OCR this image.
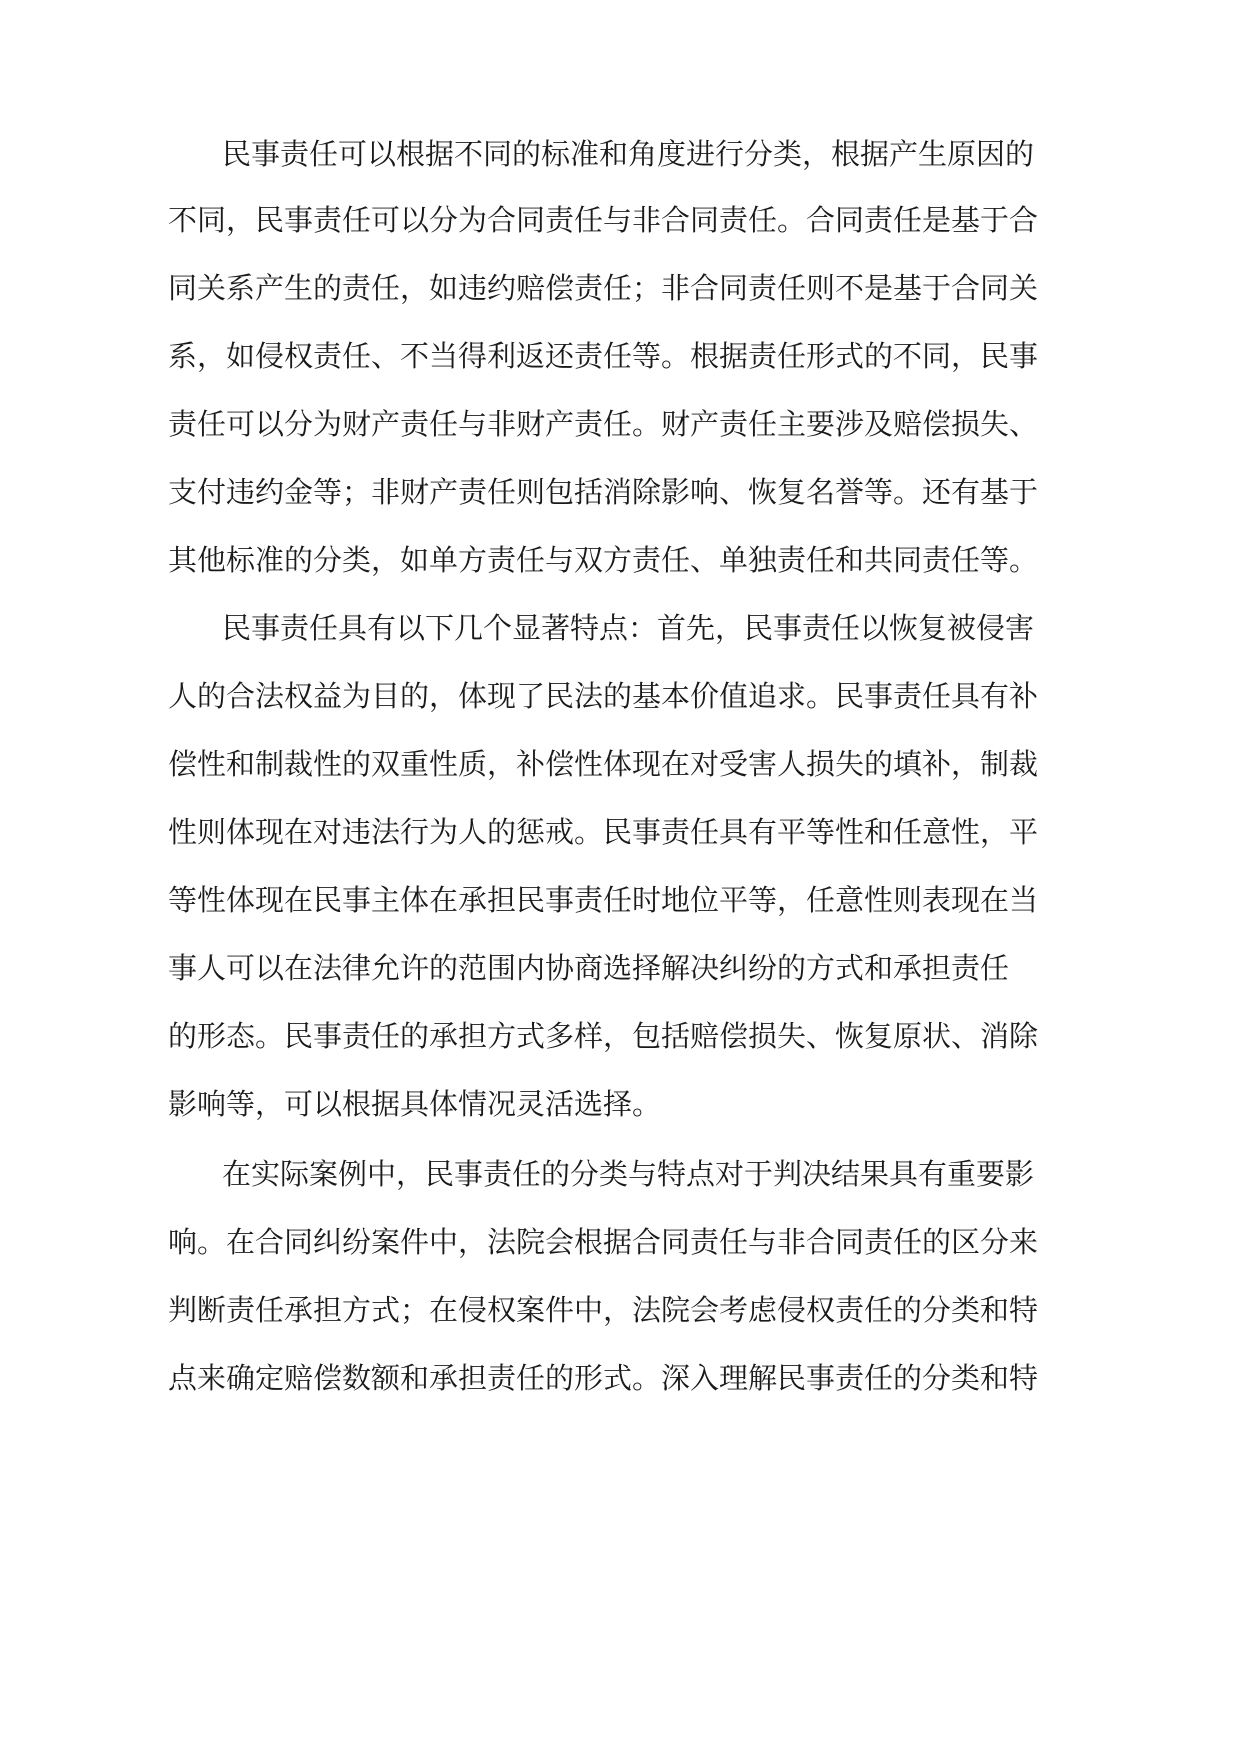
民事责任可以根据不同的标准和角度进行分类，根据产生原因的
不同，民事责任可以分为合同责任与非合同责任。合同责任是基于合
同关系产生的责任，如违约赔偿责任；非合同责任则不是基于合同关
系，如侵权责任、不当得利返还责任等。根据责任形式的不同，民事
责任可以分为财产责任与非财产责任。财产责任主要涉及赔偿损失、
支付违约金等；非财产责任则包括消除影响、恢复名誉等。还有基于
其他标准的分类，如单方责任与双方责任、单独责任和共同责任等。
民事责任具有以下几个显著特点：首先，民事责任以恢复被侵害
人的合法权益为目的，体现了民法的基本价值追求。民事责任具有补
偿性和制裁性的双重性质，补偿性体现在对受害人损失的填补，制裁
性则体现在对违法行为人的惩戒。民事责任具有平等性和任意性，平
等性体现在民事主体在承担民事责任时地位平等，任意性则表现在当
事人可以在法律允许的范围内协商选择解决纠纷的方式和承担责任
的形态。民事责任的承担方式多样，包括赔偿损失、恢复原状、消除
影响等，可以根据具体情况灵活选择。
在实际案例中，民事责任的分类与特点对于判决结果具有重要影
响。在合同纠纷案件中，法院会根据合同责任与非合同责任的区分来
判断责任承担方式；在侵权案件中，法院会考虑侵权责任的分类和特
点来确定赔偿数额和承担责任的形式。深入理解民事责任的分类和特
